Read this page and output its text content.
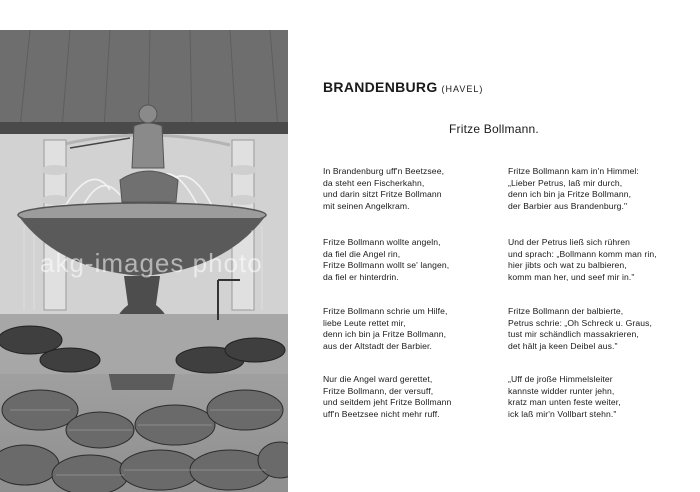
akg-images photo
BRANDENBURG (HAVEL)
Fritze Bollmann.
In Brandenburg uff'n Beetzsee,
da steht een Fischerkahn,
und darin sitzt Fritze Bollmann
mit seinen Angelkram.
Fritze Bollmann wollte angeln,
da fiel die Angel rin,
Fritze Bollmann wollt se' langen,
da fiel er hinterdrin.
Fritze Bollmann schrie um Hilfe,
liebe Leute rettet mir,
denn ich bin ja Fritze Bollmann,
aus der Altstadt der Barbier.
Nur die Angel ward gerettet,
Fritze Bollmann, der versuff,
und seitdem jeht Fritze Bollmann
uff'n Beetzsee nicht mehr ruff.
Fritze Bollmann kam in'n Himmel:
„Lieber Petrus, laß mir durch,
denn ich bin ja Fritze Bollmann,
der Barbier aus Brandenburg."
Und der Petrus ließ sich rühren
und sprach: „Bollmann komm man rin,
hier jibts och wat zu balbieren,
komm man her, und seef mir in."
Fritze Bollmann der balbierte,
Petrus schrie: „Oh Schreck u. Graus,
tust mir schändlich massakrieren,
det hält ja keen Deibel aus."
„Uff de jroße Himmelsleiter
kannste widder runter jehn,
kratz man unten feste weiter,
ick laß mir'n Vollbart stehn."
